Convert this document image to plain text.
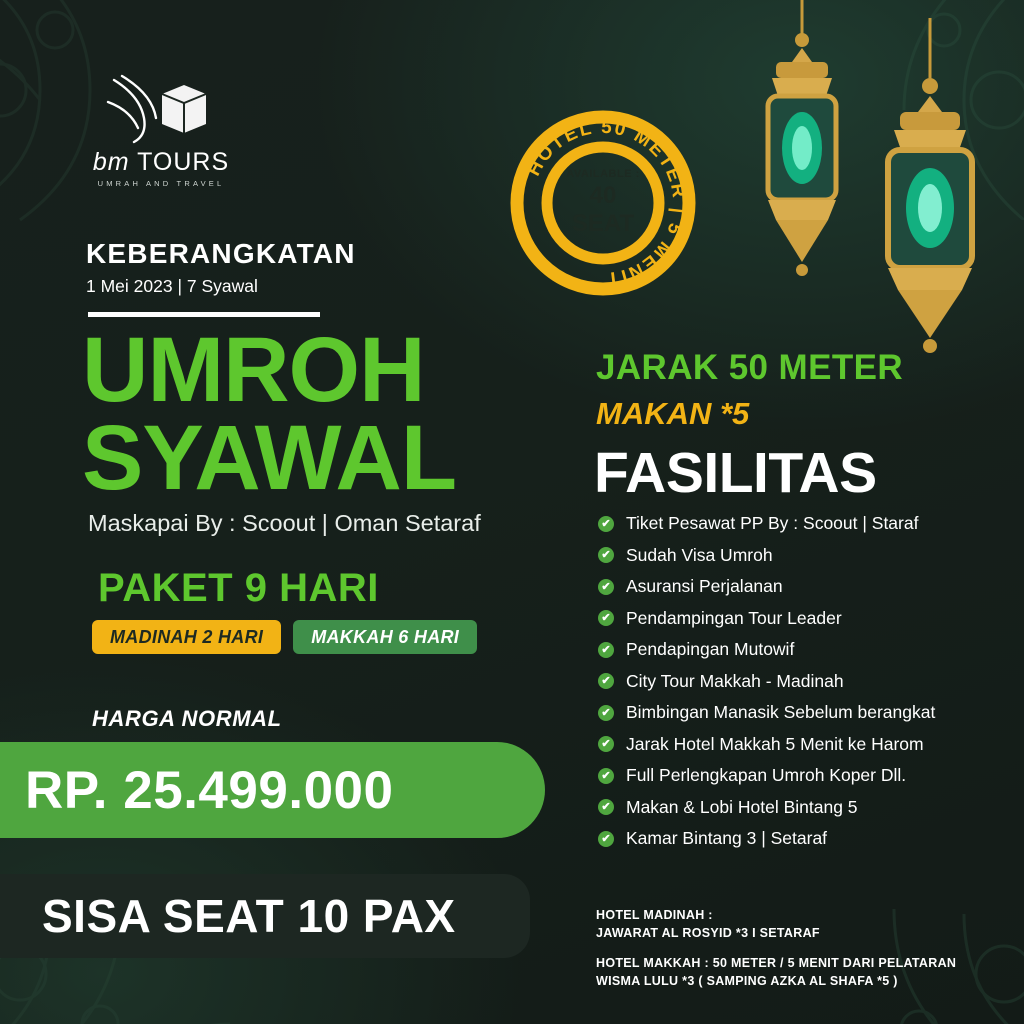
bm TOURS
UMRAH AND TRAVEL
KEBERANGKATAN
1 Mei 2023 | 7 Syawal
UMROH
SYAWAL
Maskapai By : Scoout | Oman Setaraf
PAKET 9 HARI
MADINAH 2 HARI	MAKKAH 6 HARI
HARGA NORMAL
RP. 25.499.000
SISA SEAT 10 PAX
HOTEL 50 METER | 5 MENIT
AVAILABLE :
40 SEAT
JARAK 50 METER
MAKAN *5
FASILITAS
✔ Tiket Pesawat PP By : Scoout | Staraf
✔ Sudah Visa Umroh
✔ Asuransi Perjalanan
✔ Pendampingan Tour Leader
✔ Pendapingan Mutowif
✔ City Tour Makkah - Madinah
✔ Bimbingan Manasik Sebelum berangkat
✔ Jarak Hotel Makkah 5 Menit ke Harom
✔ Full Perlengkapan Umroh Koper Dll.
✔ Makan & Lobi Hotel Bintang 5
✔ Kamar Bintang 3 | Setaraf
HOTEL MADINAH :
JAWARAT AL ROSYID *3 I SETARAF
HOTEL MAKKAH : 50 METER / 5 MENIT DARI PELATARAN
WISMA LULU *3 ( SAMPING AZKA AL SHAFA *5 )
